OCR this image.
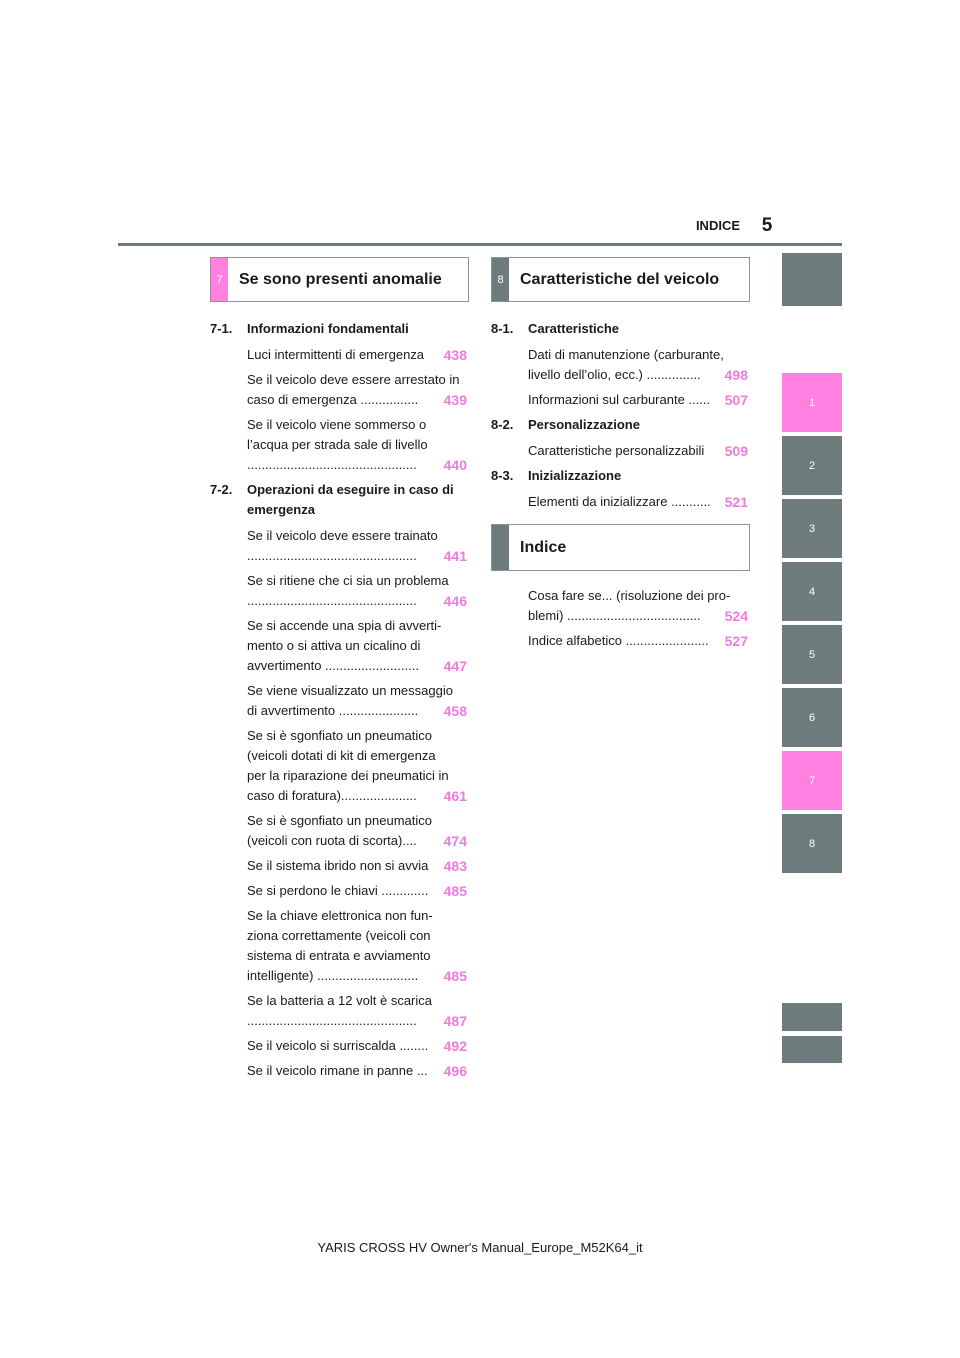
INDICE	5
7	Se sono presenti anomalie	8	Caratteristiche del veicolo
Indice
7-1.	Informazioni fondamentali
Luci intermittenti di emergenza 438
Se il veicolo deve essere arrestato in
caso di emergenza ................ 439
Se il veicolo viene sommerso o
l’acqua per strada sale di livello
............................................... 440
7-2.	Operazioni da eseguire in caso di emergenza
Se il veicolo deve essere trainato
............................................... 441
Se si ritiene che ci sia un problema
............................................... 446
Se si accende una spia di avverti-
mento o si attiva un cicalino di
avvertimento .......................... 447
Se viene visualizzato un messaggio
di avvertimento ...................... 458
Se si è sgonfiato un pneumatico
(veicoli dotati di kit di emergenza
per la riparazione dei pneumatici in
caso di foratura)..................... 461
Se si è sgonfiato un pneumatico
(veicoli con ruota di scorta).... 474
Se il sistema ibrido non si avvia 483
Se si perdono le chiavi ............. 485
Se la chiave elettronica non fun-
ziona correttamente (veicoli con
sistema di entrata e avviamento
intelligente) ............................ 485
Se la batteria a 12 volt è scarica
............................................... 487
Se il veicolo si surriscalda ........ 492
Se il veicolo rimane in panne ... 496
8-1.	Caratteristiche
Dati di manutenzione (carburante,
livello dell’olio, ecc.) ............... 498
Informazioni sul carburante ...... 507
8-2.	Personalizzazione
Caratteristiche personalizzabili 509
8-3.	Inizializzazione
Elementi da inizializzare ........... 521
Cosa fare se... (risoluzione dei pro-
blemi) ..................................... 524
Indice alfabetico ....................... 527
1
2
3
4
5
6
7
8
YARIS CROSS HV Owner's Manual_Europe_M52K64_it
